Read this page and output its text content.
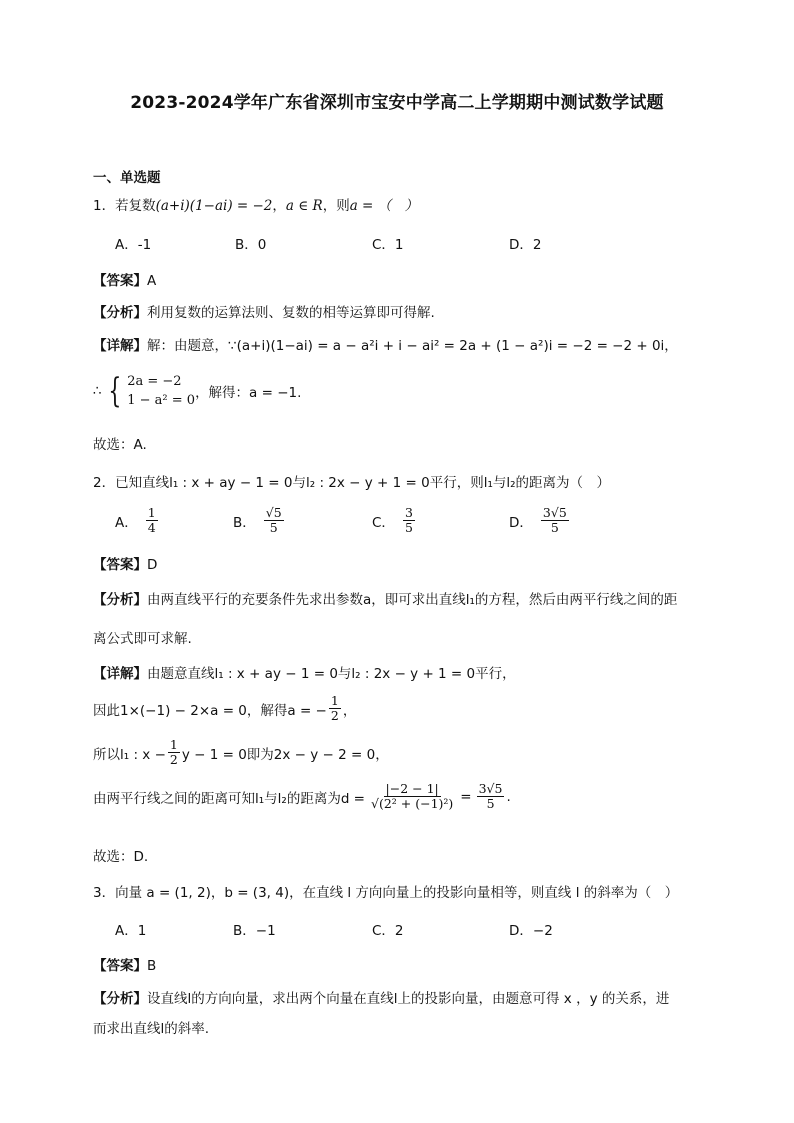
2023-2024学年广东省深圳市宝安中学高二上学期期中测试数学试题
一、单选题
1．若复数(a+i)(1−ai) = −2，a ∈ R，则a = （　）
A．-1	B．0	C．1	D．2
【答案】A
【分析】利用复数的运算法则、复数的相等运算即可得解.
【详解】解：由题意，∵(a+i)(1−ai) = a − a²i + i − ai² = 2a + (1 − a²)i = −2 = −2 + 0i，
∴ { 2a = −2
1 − a² = 0 ，解得：a = −1.
故选：A.
2．已知直线l₁ : x + ay − 1 = 0与l₂ : 2x − y + 1 = 0平行，则l₁与l₂的距离为（　）
A． $\frac{1}{4}$	B． $\frac{√5}{5}$	C． $\frac{3}{5}$	D． $\frac{3√5}{5}$
【答案】D
【分析】由两直线平行的充要条件先求出参数a，即可求出直线l₁的方程，然后由两平行线之间的距
离公式即可求解.
【详解】由题意直线l₁ : x + ay − 1 = 0与l₂ : 2x − y + 1 = 0平行，
因此1×(−1) − 2×a = 0，解得a = − $\frac{1}{2}$ ，
所以l₁ : $x - \frac{1}{2}$ y − 1 = 0即为2x − y − 2 = 0，
由两平行线之间的距离可知l₁与l₂的距离为$d = \frac{|-2 - 1|}{\text{√(2² + (−1)²)}} = \frac{3√5}{5}$ .
故选：D.
3．向量 a = (1, 2)，b = (3, 4)，在直线 l 方向向量上的投影向量相等，则直线 l 的斜率为（　）
A．1	B．−1	C．2	D．−2
【答案】B
【分析】设直线l的方向向量，求出两个向量在直线l上的投影向量，由题意可得 x ，y 的关系，进
而求出直线l的斜率.
